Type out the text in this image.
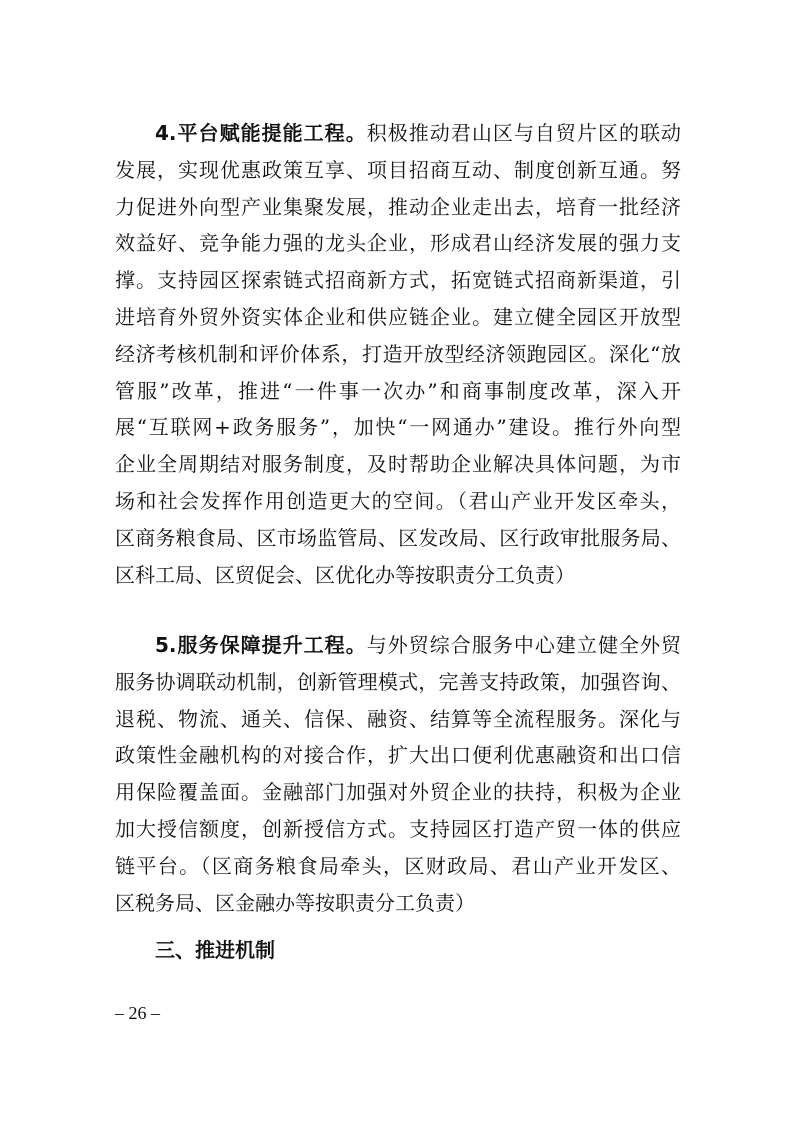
4.平台赋能提能工程。积极推动君山区与自贸片区的联动
发展，实现优惠政策互享、项目招商互动、制度创新互通。努
力促进外向型产业集聚发展，推动企业走出去，培育一批经济
效益好、竞争能力强的龙头企业，形成君山经济发展的强力支
撑。支持园区探索链式招商新方式，拓宽链式招商新渠道，引
进培育外贸外资实体企业和供应链企业。建立健全园区开放型
经济考核机制和评价体系，打造开放型经济领跑园区。深化“放
管服”改革，推进“一件事一次办”和商事制度改革，深入开
展“互联网+政务服务”，加快“一网通办”建设。推行外向型
企业全周期结对服务制度，及时帮助企业解决具体问题，为市
场和社会发挥作用创造更大的空间。（君山产业开发区牵头，
区商务粮食局、区市场监管局、区发改局、区行政审批服务局、
区科工局、区贸促会、区优化办等按职责分工负责）
5.服务保障提升工程。与外贸综合服务中心建立健全外贸
服务协调联动机制，创新管理模式，完善支持政策，加强咨询、
退税、物流、通关、信保、融资、结算等全流程服务。深化与
政策性金融机构的对接合作，扩大出口便利优惠融资和出口信
用保险覆盖面。金融部门加强对外贸企业的扶持，积极为企业
加大授信额度，创新授信方式。支持园区打造产贸一体的供应
链平台。（区商务粮食局牵头，区财政局、君山产业开发区、
区税务局、区金融办等按职责分工负责）
三、推进机制
– 26 –
